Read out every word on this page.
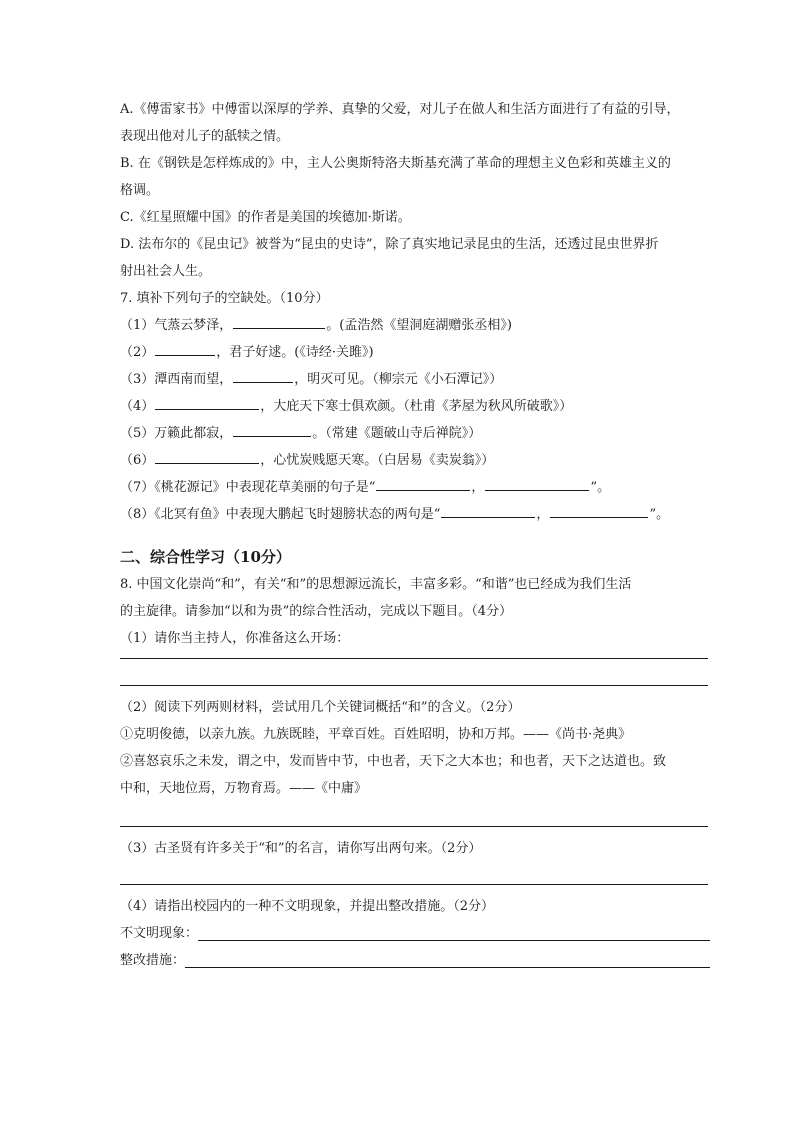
A.《傅雷家书》中傅雷以深厚的学养、真挚的父爱，对儿子在做人和生活方面进行了有益的引导，
表现出他对儿子的舐犊之情。
B. 在《钢铁是怎样炼成的》中，主人公奥斯特洛夫斯基充满了革命的理想主义色彩和英雄主义的
格调。
C.《红星照耀中国》的作者是美国的埃德加·斯诺。
D. 法布尔的《昆虫记》被誉为“昆虫的史诗”，除了真实地记录昆虫的生活，还透过昆虫世界折
射出社会人生。
7. 填补下列句子的空缺处。（10分）
（1）气蒸云梦泽，	。(孟浩然《望洞庭湖赠张丞相》)
（2）	，君子好逑。(《诗经·关雎》)
（3）潭西南而望，	，明灭可见。（柳宗元《小石潭记》）
（4）	，大庇天下寒士俱欢颜。（杜甫《茅屋为秋风所破歌》）
（5）万籁此都寂，	。（常建《题破山寺后禅院》）
（6）	，心忧炭贱愿天寒。（白居易《卖炭翁》）
（7）《桃花源记》中表现花草美丽的句子是“	，	”。
（8）《北冥有鱼》中表现大鹏起飞时翅膀状态的两句是“	，	”。
二、综合性学习（10分）
8. 中国文化崇尚“和”，有关“和”的思想源远流长，丰富多彩。“和谐”也已经成为我们生活
的主旋律。请参加“以和为贵”的综合性活动，完成以下题目。（4分）
（1）请你当主持人，你准备这么开场：
（2）阅读下列两则材料，尝试用几个关键词概括“和”的含义。（2分）
①克明俊德，以亲九族。九族既睦，平章百姓。百姓昭明，协和万邦。——《尚书·尧典》
②喜怒哀乐之未发，谓之中，发而皆中节，中也者，天下之大本也；和也者，天下之达道也。致
中和，天地位焉，万物育焉。——《中庸》
（3）古圣贤有许多关于“和”的名言，请你写出两句来。（2分）
（4）请指出校园内的一种不文明现象，并提出整改措施。（2分）
不文明现象：
整改措施：
